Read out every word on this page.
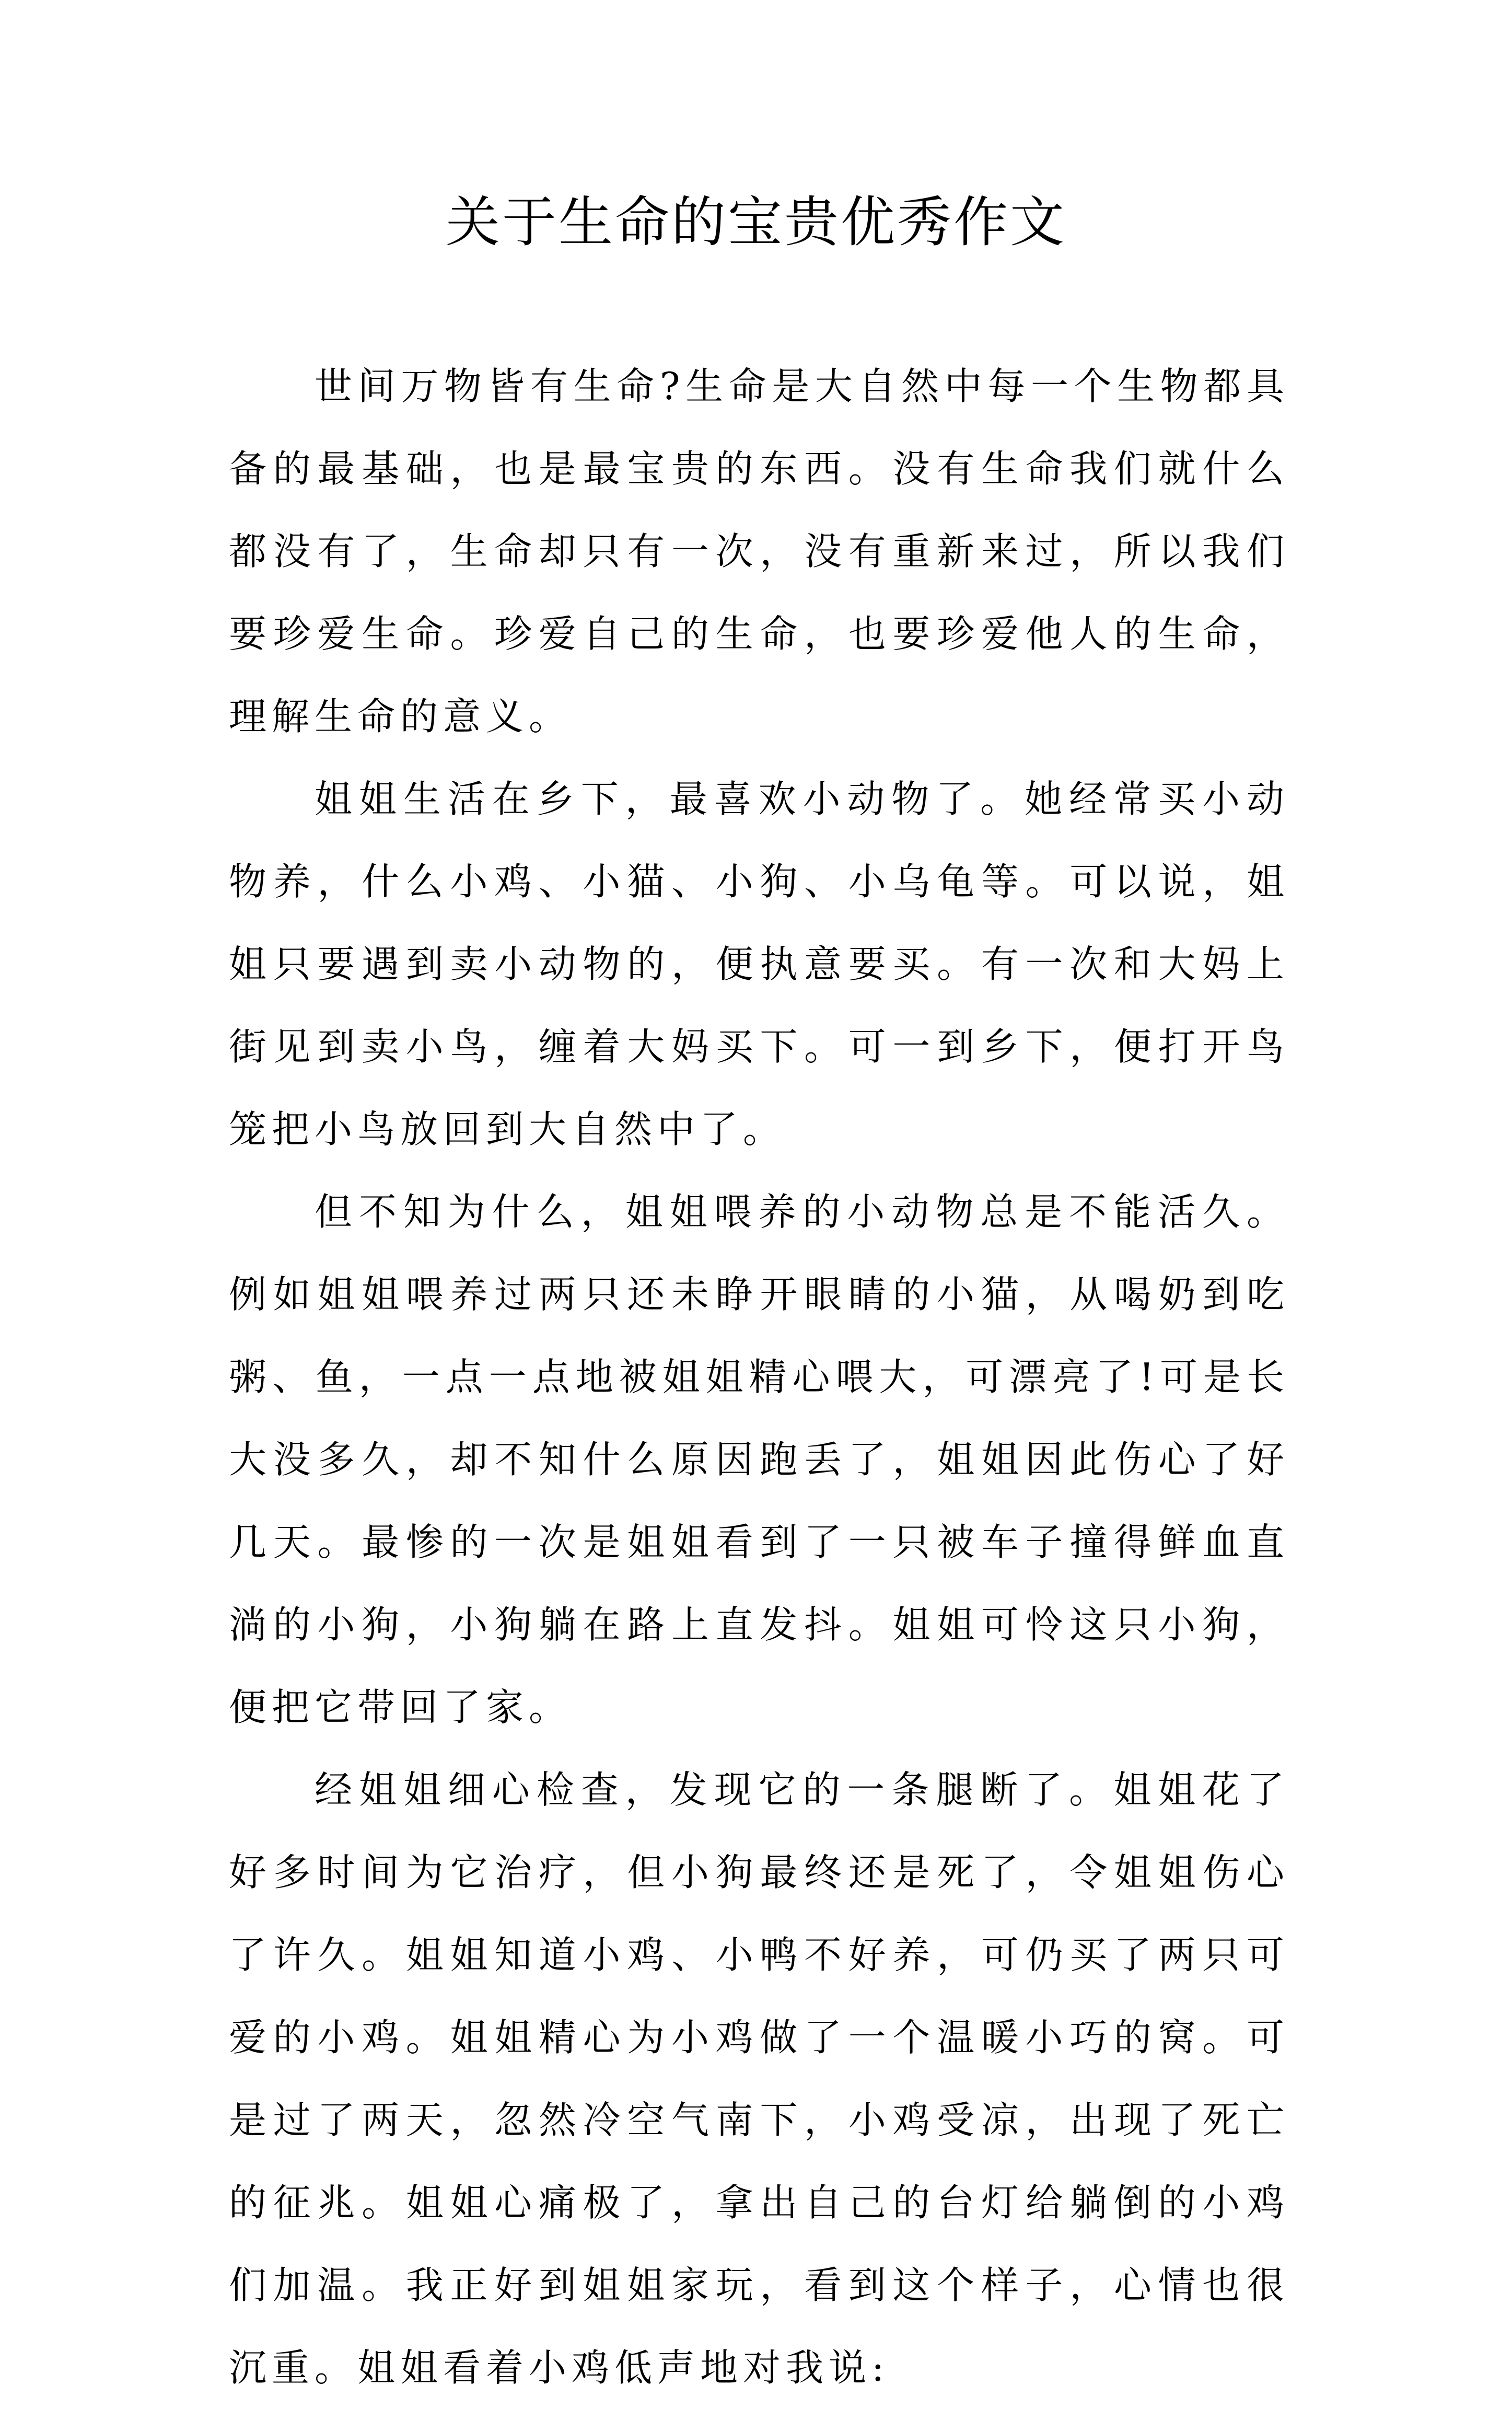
关于生命的宝贵优秀作文

世间万物皆有生命?生命是大自然中每一个生物都具备的最基础，也是最宝贵的东西。没有生命我们就什么都没有了，生命却只有一次，没有重新来过，所以我们要珍爱生命。珍爱自己的生命，也要珍爱他人的生命，理解生命的意义。

姐姐生活在乡下，最喜欢小动物了。她经常买小动物养，什么小鸡、小猫、小狗、小乌龟等。可以说，姐姐只要遇到卖小动物的，便执意要买。有一次和大妈上街见到卖小鸟，缠着大妈买下。可一到乡下，便打开鸟笼把小鸟放回到大自然中了。

但不知为什么，姐姐喂养的小动物总是不能活久。例如姐姐喂养过两只还未睁开眼睛的小猫，从喝奶到吃粥、鱼，一点一点地被姐姐精心喂大，可漂亮了!可是长大没多久，却不知什么原因跑丢了，姐姐因此伤心了好几天。最惨的一次是姐姐看到了一只被车子撞得鲜血直淌的小狗，小狗躺在路上直发抖。姐姐可怜这只小狗，便把它带回了家。

经姐姐细心检查，发现它的一条腿断了。姐姐花了好多时间为它治疗，但小狗最终还是死了，令姐姐伤心了许久。姐姐知道小鸡、小鸭不好养，可仍买了两只可爱的小鸡。姐姐精心为小鸡做了一个温暖小巧的窝。可是过了两天，忽然冷空气南下，小鸡受凉，出现了死亡的征兆。姐姐心痛极了，拿出自己的台灯给躺倒的小鸡们加温。我正好到姐姐家玩，看到这个样子，心情也很沉重。姐姐看着小鸡低声地对我说:
